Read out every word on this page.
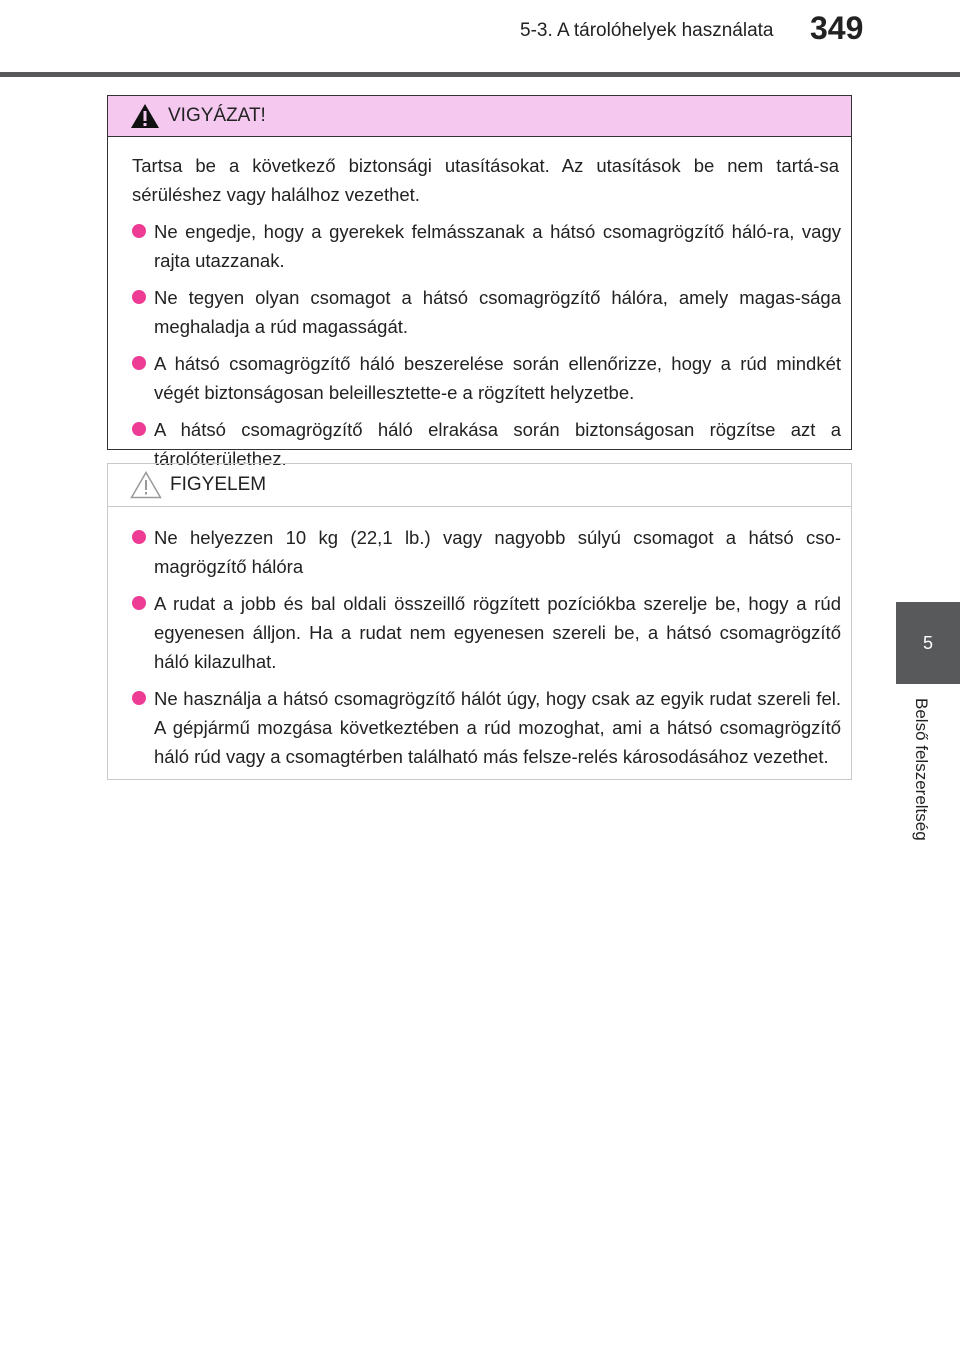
5-3. A tárolóhelyek használata 349
5
Belső felszereltség
VIGYÁZAT!

Tartsa be a következő biztonsági utasításokat. Az utasítások be nem tartá-sa sérüléshez vagy halálhoz vezethet.

Ne engedje, hogy a gyerekek felmásszanak a hátsó csomagrögzítő háló-ra, vagy rajta utazzanak.
Ne tegyen olyan csomagot a hátsó csomagrögzítő hálóra, amely magas-sága meghaladja a rúd magasságát.
A hátsó csomagrögzítő háló beszerelése során ellenőrizze, hogy a rúd mindkét végét biztonságosan beleillesztette-e a rögzített helyzetbe.
A hátsó csomagrögzítő háló elrakása során biztonságosan rögzítse azt a tárolóterülethez.
FIGYELEM
Ne helyezzen 10 kg (22,1 lb.) vagy nagyobb súlyú csomagot a hátsó cso-magrögzítő hálóra
A rudat a jobb és bal oldali összeillő rögzített pozíciókba szerelje be, hogy a rúd egyenesen álljon. Ha a rudat nem egyenesen szereli be, a hátsó csomagrögzítő háló kilazulhat.
Ne használja a hátsó csomagrögzítő hálót úgy, hogy csak az egyik rudat szereli fel. A gépjármű mozgása következtében a rúd mozoghat, ami a hátsó csomagrögzítő háló rúd vagy a csomagtérben található más felsze-relés károsodásához vezethet.
